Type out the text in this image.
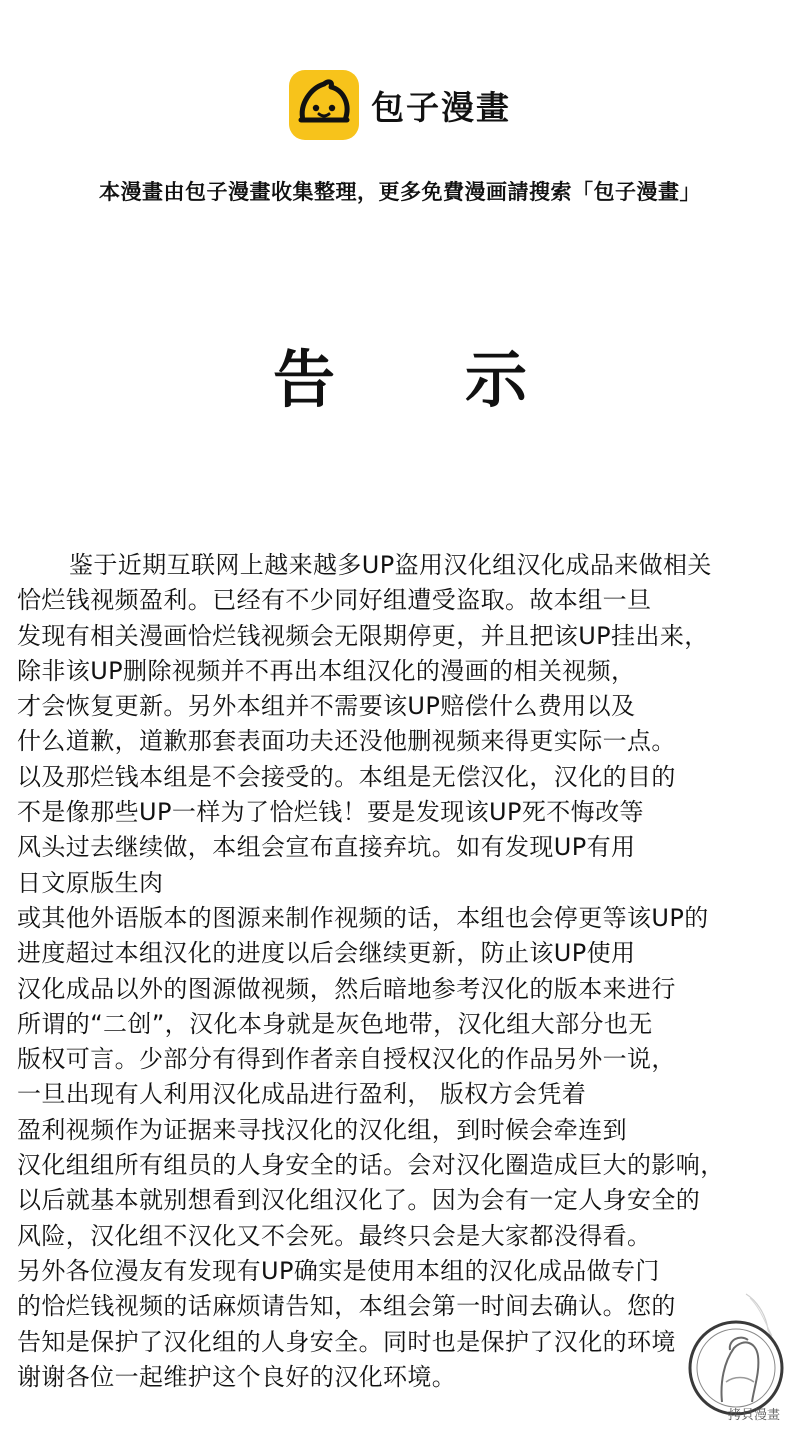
包子漫畫
本漫畫由包子漫畫收集整理，更多免費漫画請搜索「包子漫畫」
告示
鉴于近期互联网上越来越多UP盗用汉化组汉化成品来做相关
恰烂钱视频盈利。已经有不少同好组遭受盗取。故本组一旦
发现有相关漫画恰烂钱视频会无限期停更，并且把该UP挂出来，
除非该UP删除视频并不再出本组汉化的漫画的相关视频，
才会恢复更新。另外本组并不需要该UP赔偿什么费用以及
什么道歉，道歉那套表面功夫还没他删视频来得更实际一点。
以及那烂钱本组是不会接受的。本组是无偿汉化，汉化的目的
不是像那些UP一样为了恰烂钱！要是发现该UP死不悔改等
风头过去继续做，本组会宣布直接弃坑。如有发现UP有用
日文原版生肉
或其他外语版本的图源来制作视频的话，本组也会停更等该UP的
进度超过本组汉化的进度以后会继续更新，防止该UP使用
汉化成品以外的图源做视频，然后暗地参考汉化的版本来进行
所谓的“二创”，汉化本身就是灰色地带，汉化组大部分也无
版权可言。少部分有得到作者亲自授权汉化的作品另外一说，
一旦出现有人利用汉化成品进行盈利， 版权方会凭着
盈利视频作为证据来寻找汉化的汉化组，到时候会牵连到
汉化组组所有组员的人身安全的话。会对汉化圈造成巨大的影响，
以后就基本就别想看到汉化组汉化了。因为会有一定人身安全的
风险，汉化组不汉化又不会死。最终只会是大家都没得看。
另外各位漫友有发现有UP确实是使用本组的汉化成品做专门
的恰烂钱视频的话麻烦请告知，本组会第一时间去确认。您的
告知是保护了汉化组的人身安全。同时也是保护了汉化的环境
谢谢各位一起维护这个良好的汉化环境。
拷貝漫畫
